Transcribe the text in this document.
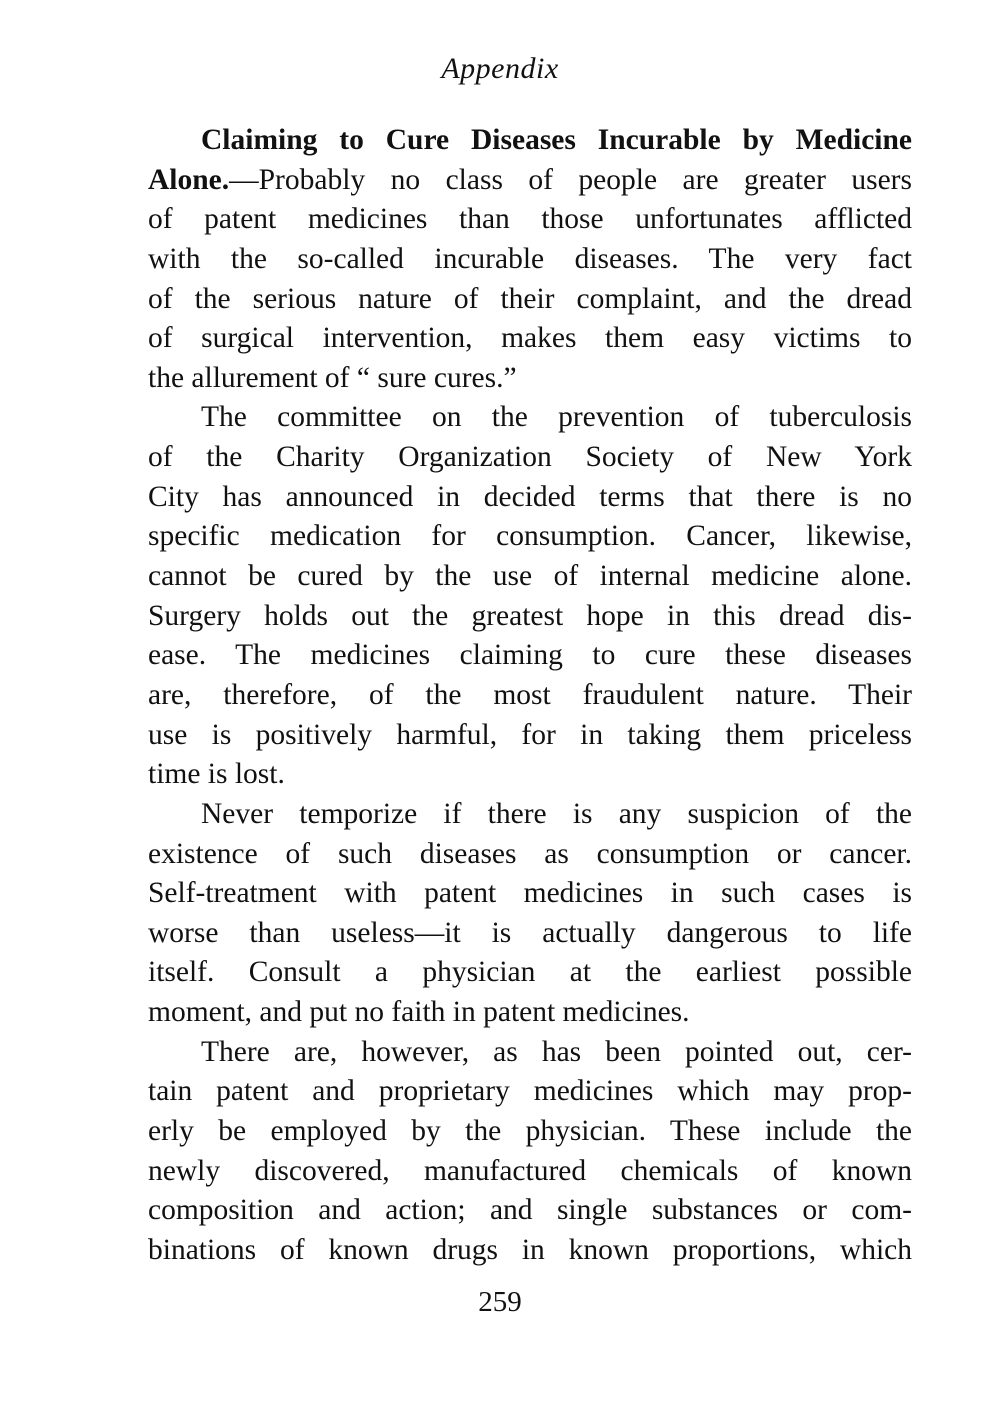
Appendix
Claiming to Cure Diseases Incurable by Medicine
Alone.—Probably no class of people are greater users
of patent medicines than those unfortunates afflicted
with the so-called incurable diseases. The very fact
of the serious nature of their complaint, and the dread
of surgical intervention, makes them easy victims to
the allurement of “ sure cures.”
The committee on the prevention of tuberculosis
of the Charity Organization Society of New York
City has announced in decided terms that there is no
specific medication for consumption. Cancer, likewise,
cannot be cured by the use of internal medicine alone.
Surgery holds out the greatest hope in this dread dis-
ease. The medicines claiming to cure these diseases
are, therefore, of the most fraudulent nature. Their
use is positively harmful, for in taking them priceless
time is lost.
Never temporize if there is any suspicion of the
existence of such diseases as consumption or cancer.
Self-treatment with patent medicines in such cases is
worse than useless—it is actually dangerous to life
itself. Consult a physician at the earliest possible
moment, and put no faith in patent medicines.
There are, however, as has been pointed out, cer-
tain patent and proprietary medicines which may prop-
erly be employed by the physician. These include the
newly discovered, manufactured chemicals of known
composition and action; and single substances or com-
binations of known drugs in known proportions, which
259
